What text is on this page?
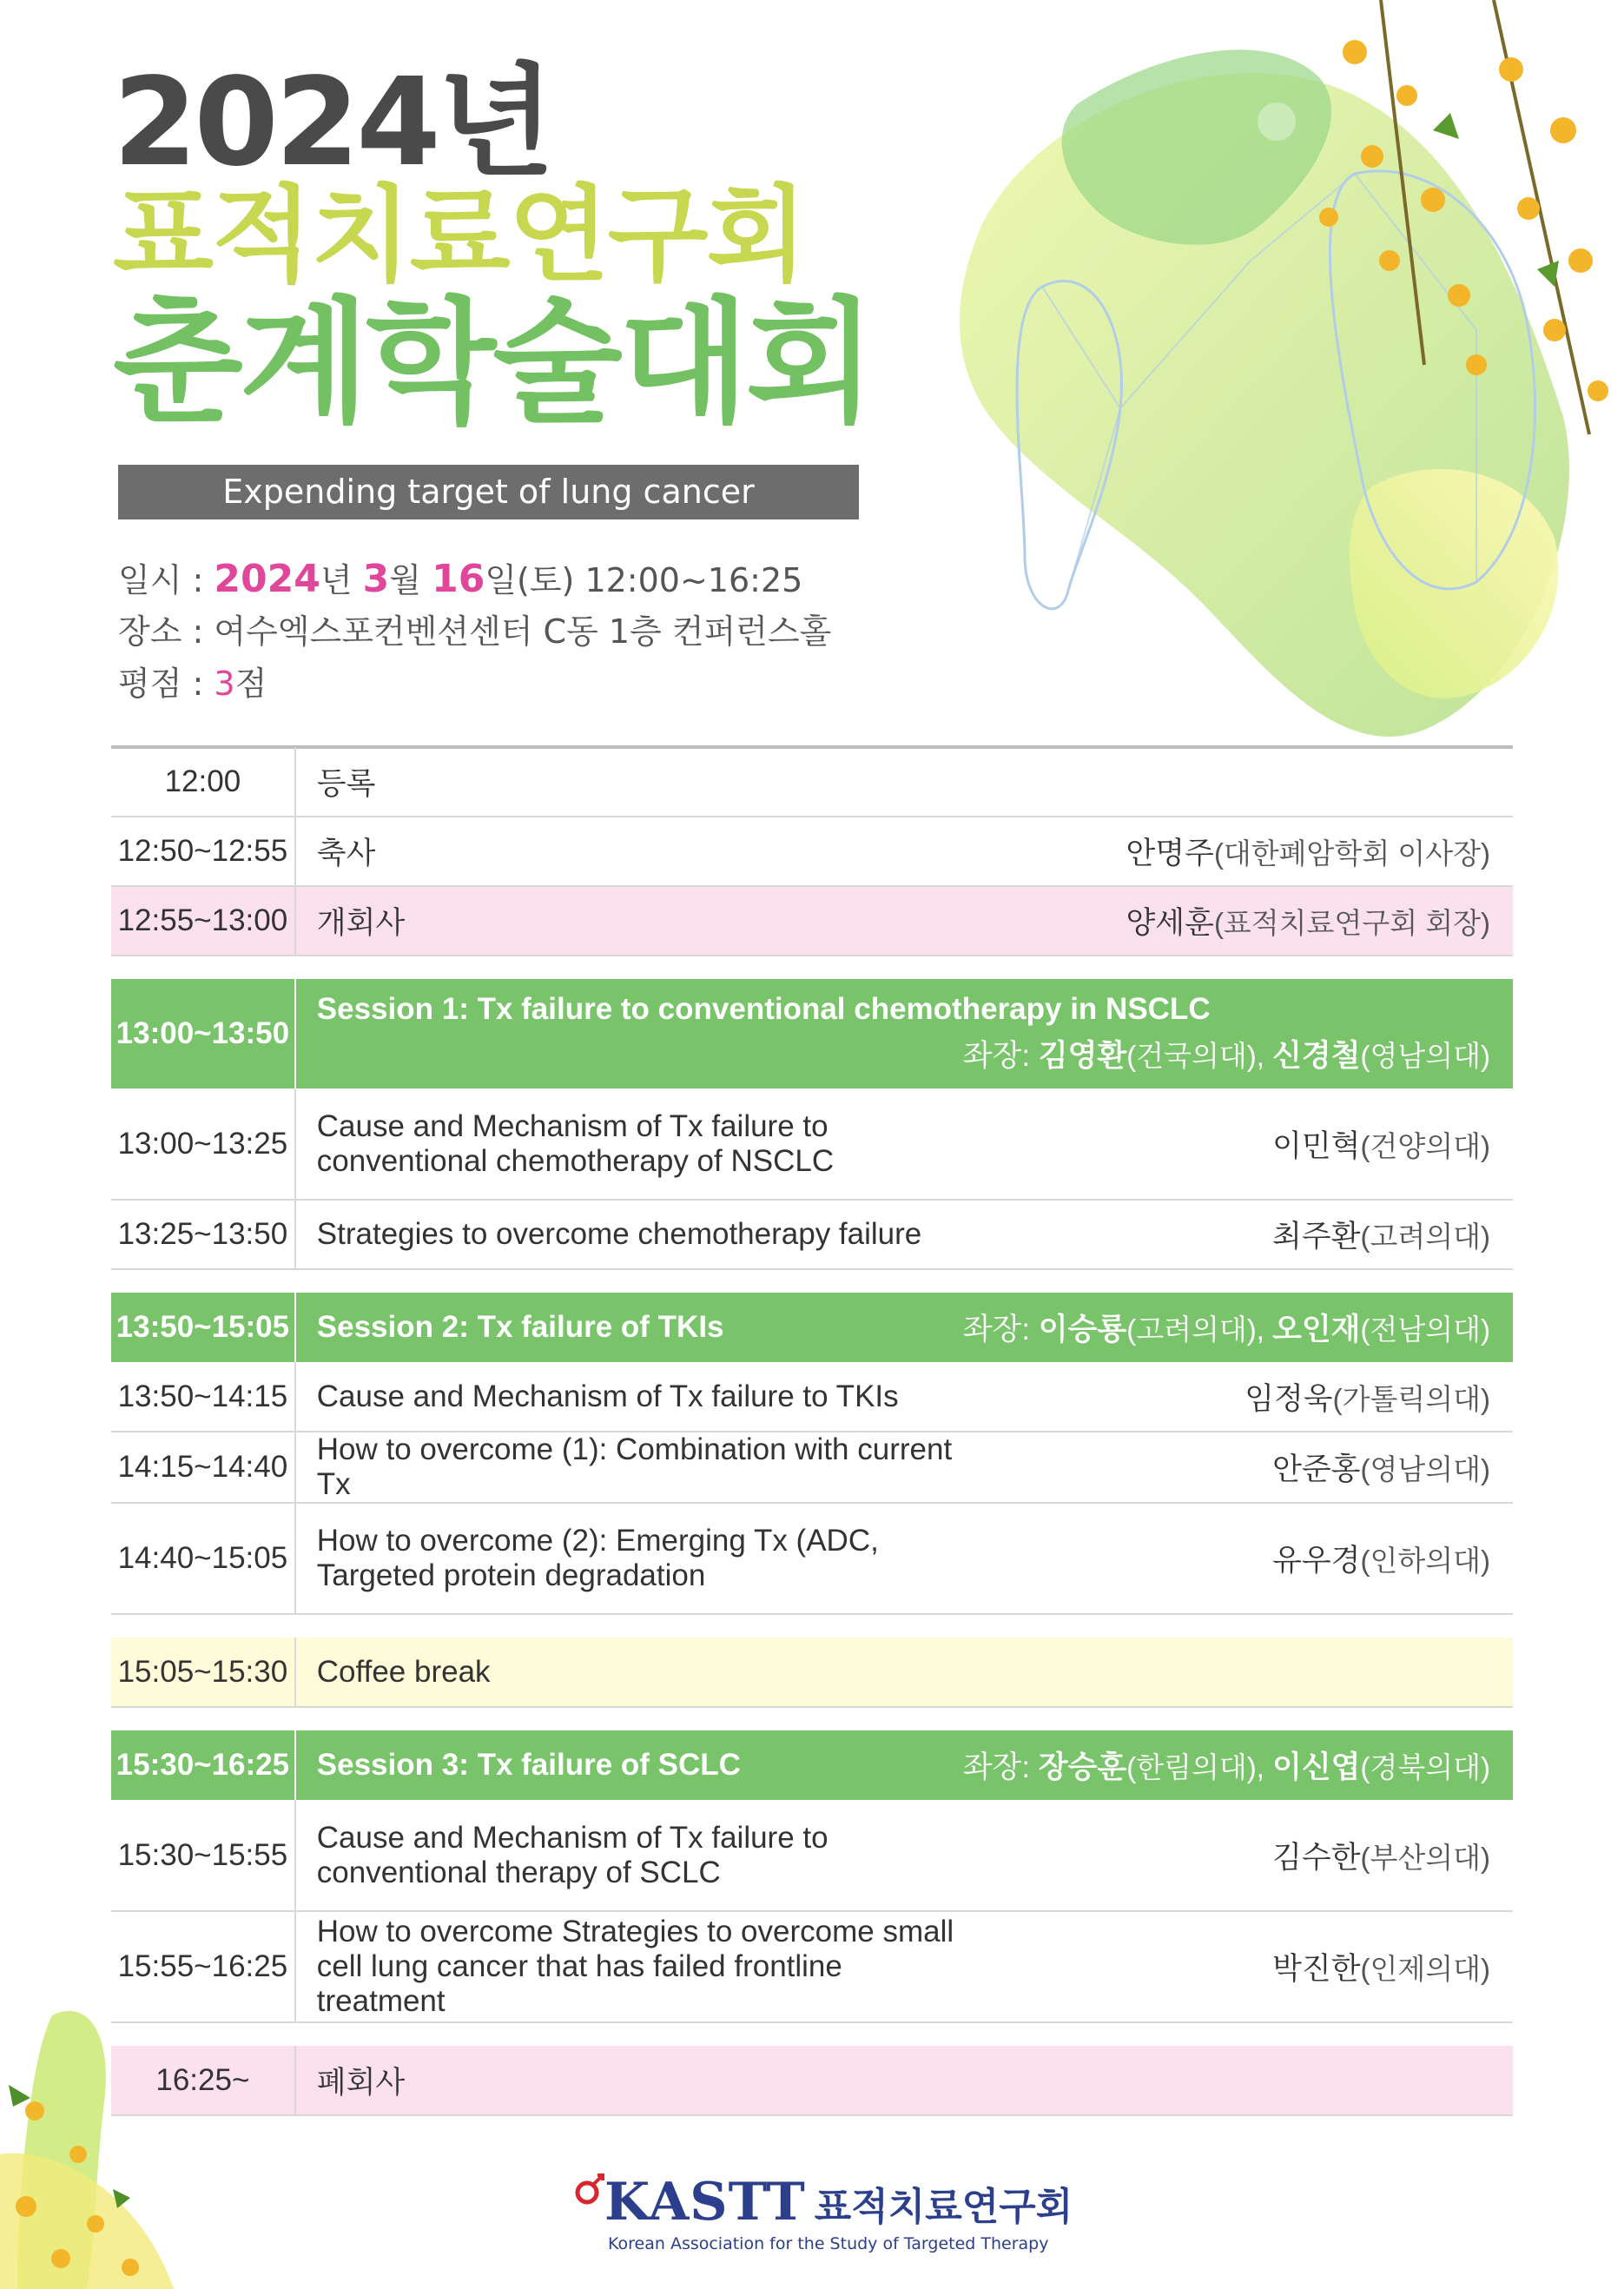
2024년
표적치료연구회
춘계학술대회
Expending target of lung cancer
일시 : 2024년 3월 16일(토) 12:00~16:25
장소 : 여수엑스포컨벤션센터 C동 1층 컨퍼런스홀
평점 : 3점
12:00	등록	
12:50~12:55	축사	안명주(대한폐암학회 이사장)
12:55~13:00	개회사	양세훈(표적치료연구회 회장)

13:00~13:50	Session 1: Tx failure to conventional chemotherapy in NSCLC
좌장: 김영환(건국의대), 신경철(영남의대)	

13:00~13:25	Cause and Mechanism of Tx failure to conventional chemotherapy of NSCLC	이민혁(건양의대)
13:25~13:50	Strategies to overcome chemotherapy failure	최주환(고려의대)

13:50~15:05	Session 2: Tx failure of TKIs	좌장: 이승룡(고려의대), 오인재(전남의대)
13:50~14:15	Cause and Mechanism of Tx failure to TKIs	임정욱(가톨릭의대)
14:15~14:40	How to overcome (1): Combination with current Tx	안준홍(영남의대)
14:40~15:05	How to overcome (2): Emerging Tx (ADC, Targeted protein degradation	유우경(인하의대)

15:05~15:30	Coffee break	

15:30~16:25	Session 3: Tx failure of SCLC	좌장: 장승훈(한림의대), 이신엽(경북의대)
15:30~15:55	Cause and Mechanism of Tx failure to conventional therapy of SCLC	김수한(부산의대)
15:55~16:25	How to overcome Strategies to overcome small cell lung cancer that has failed frontline treatment	박진한(인제의대)

16:25~	폐회사	
KASTT 표적치료연구회
Korean Association for the Study of Targeted Therapy
